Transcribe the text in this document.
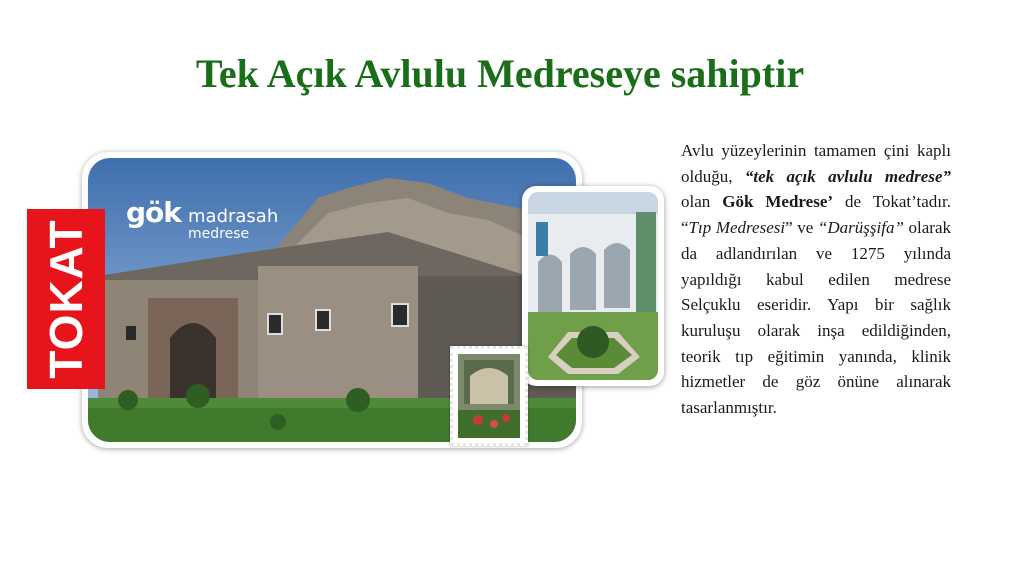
Tek Açık Avlulu Medreseye sahiptir
gök madrasah
medrese
TOKAT
Avlu yüzeylerinin tamamen çini kaplı olduğu, “tek açık avlulu medrese” olan Gök Medrese’ de Tokat’tadır. “Tıp Medresesi” ve “Darüşşifa” olarak da adlandırılan ve 1275 yılında yapıldığı kabul edilen medrese Selçuklu eseridir. Yapı bir sağlık kuruluşu olarak inşa edildiğinden, teorik tıp eğitimin yanında, klinik hizmetler de göz önüne alınarak tasarlanmıştır.
